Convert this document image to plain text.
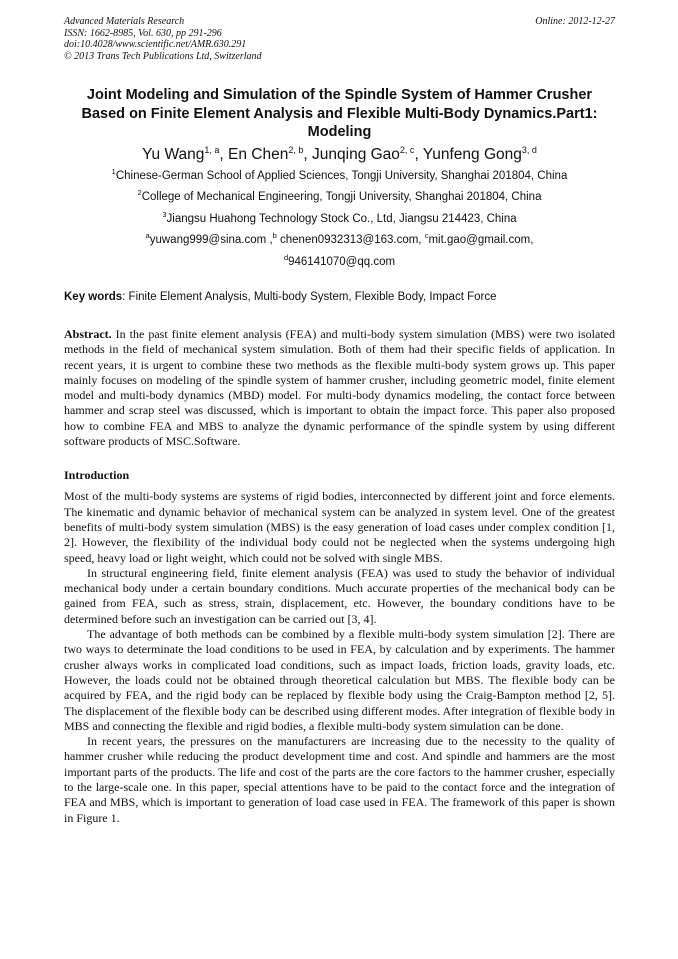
Advanced Materials Research
ISSN: 1662-8985, Vol. 630, pp 291-296
doi:10.4028/www.scientific.net/AMR.630.291
© 2013 Trans Tech Publications Ltd, Switzerland
Online: 2012-12-27
Joint Modeling and Simulation of the Spindle System of Hammer Crusher Based on Finite Element Analysis and Flexible Multi-Body Dynamics.Part1: Modeling
Yu Wang$^{1, a}$, En Chen$^{2, b}$, Junqing Gao$^{2, c}$, Yunfeng Gong$^{3, d}$
$^1$Chinese-German School of Applied Sciences, Tongji University, Shanghai 201804, China
$^2$College of Mechanical Engineering, Tongji University, Shanghai 201804, China
$^3$Jiangsu Huahong Technology Stock Co., Ltd, Jiangsu 214423, China
$^a$yuwang999@sina.com ,$^b$ chenen0932313@163.com, $^c$mit.gao@gmail.com,
$^d$946141070@qq.com
Key words: Finite Element Analysis, Multi-body System, Flexible Body, Impact Force
Abstract. In the past finite element analysis (FEA) and multi-body system simulation (MBS) were two isolated methods in the field of mechanical system simulation. Both of them had their specific fields of application. In recent years, it is urgent to combine these two methods as the flexible multi-body system grows up. This paper mainly focuses on modeling of the spindle system of hammer crusher, including geometric model, finite element model and multi-body dynamics (MBD) model. For multi-body dynamics modeling, the contact force between hammer and scrap steel was discussed, which is important to obtain the impact force. This paper also proposed how to combine FEA and MBS to analyze the dynamic performance of the spindle system by using different software products of MSC.Software.
Introduction

Most of the multi-body systems are systems of rigid bodies, interconnected by different joint and force elements. The kinematic and dynamic behavior of mechanical system can be analyzed in system level. One of the greatest benefits of multi-body system simulation (MBS) is the easy generation of load cases under complex condition [1, 2]. However, the flexibility of the individual body could not be neglected when the systems undergoing high speed, heavy load or light weight, which could not be solved with single MBS.

In structural engineering field, finite element analysis (FEA) was used to study the behavior of individual mechanical body under a certain boundary conditions. Much accurate properties of the mechanical body can be gained from FEA, such as stress, strain, displacement, etc. However, the boundary conditions have to be determined before such an investigation can be carried out [3, 4].

The advantage of both methods can be combined by a flexible multi-body system simulation [2]. There are two ways to determinate the load conditions to be used in FEA, by calculation and by experiments. The hammer crusher always works in complicated load conditions, such as impact loads, friction loads, gravity loads, etc. However, the loads could not be obtained through theoretical calculation but MBS. The flexible body can be acquired by FEA, and the rigid body can be replaced by flexible body using the Craig-Bampton method [2, 5]. The displacement of the flexible body can be described using different modes. After integration of flexible body in MBS and connecting the flexible and rigid bodies, a flexible multi-body system simulation can be done.

In recent years, the pressures on the manufacturers are increasing due to the necessity to the quality of hammer crusher while reducing the product development time and cost. And spindle and hammers are the most important parts of the products. The life and cost of the parts are the core factors to the hammer crusher, especially to the large-scale one. In this paper, special attentions have to be paid to the contact force and the integration of FEA and MBS, which is important to generation of load case used in FEA. The framework of this paper is shown in Figure 1.
